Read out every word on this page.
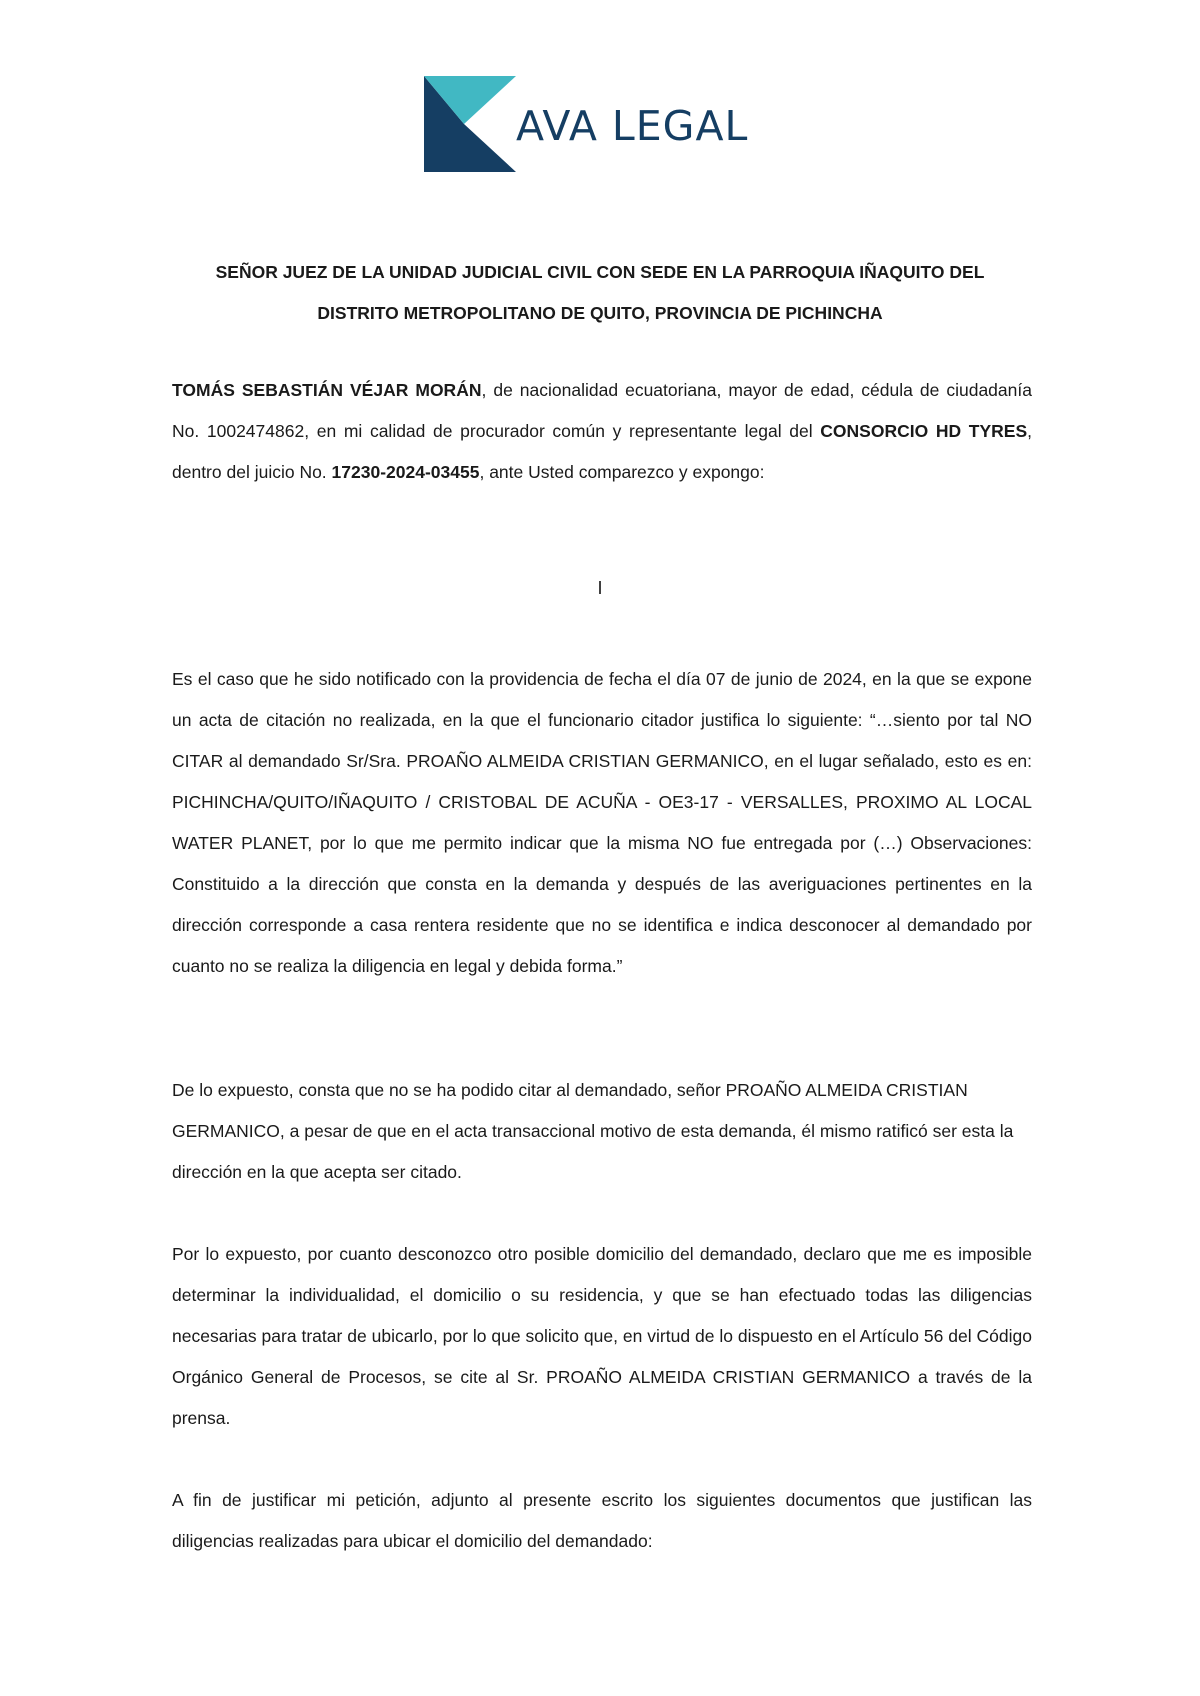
AVA LEGAL
SEÑOR JUEZ DE LA UNIDAD JUDICIAL CIVIL CON SEDE EN LA PARROQUIA IÑAQUITO DEL
DISTRITO METROPOLITANO DE QUITO, PROVINCIA DE PICHINCHA
TOMÁS SEBASTIÁN VÉJAR MORÁN, de nacionalidad ecuatoriana, mayor de edad, cédula de ciudadanía No. 1002474862, en mi calidad de procurador común y representante legal del CONSORCIO HD TYRES, dentro del juicio No. 17230-2024-03455, ante Usted comparezco y expongo:
I
Es el caso que he sido notificado con la providencia de fecha el día 07 de junio de 2024, en la que se expone un acta de citación no realizada, en la que el funcionario citador justifica lo siguiente: “…siento por tal NO CITAR al demandado Sr/Sra. PROAÑO ALMEIDA CRISTIAN GERMANICO, en el lugar señalado, esto es en: PICHINCHA/QUITO/IÑAQUITO / CRISTOBAL DE ACUÑA - OE3-17 - VERSALLES, PROXIMO AL LOCAL WATER PLANET, por lo que me permito indicar que la misma NO fue entregada por (…) Observaciones: Constituido a la dirección que consta en la demanda y después de las averiguaciones pertinentes en la dirección corresponde a casa rentera residente que no se identifica e indica desconocer al demandado por cuanto no se realiza la diligencia en legal y debida forma.”
De lo expuesto, consta que no se ha podido citar al demandado, señor PROAÑO ALMEIDA CRISTIAN GERMANICO, a pesar de que en el acta transaccional motivo de esta demanda, él mismo ratificó ser esta la dirección en la que acepta ser citado.
Por lo expuesto, por cuanto desconozco otro posible domicilio del demandado, declaro que me es imposible determinar la individualidad, el domicilio o su residencia, y que se han efectuado todas las diligencias necesarias para tratar de ubicarlo, por lo que solicito que, en virtud de lo dispuesto en el Artículo 56 del Código Orgánico General de Procesos, se cite al Sr. PROAÑO ALMEIDA CRISTIAN GERMANICO a través de la prensa.
A fin de justificar mi petición, adjunto al presente escrito los siguientes documentos que justifican las diligencias realizadas para ubicar el domicilio del demandado:
